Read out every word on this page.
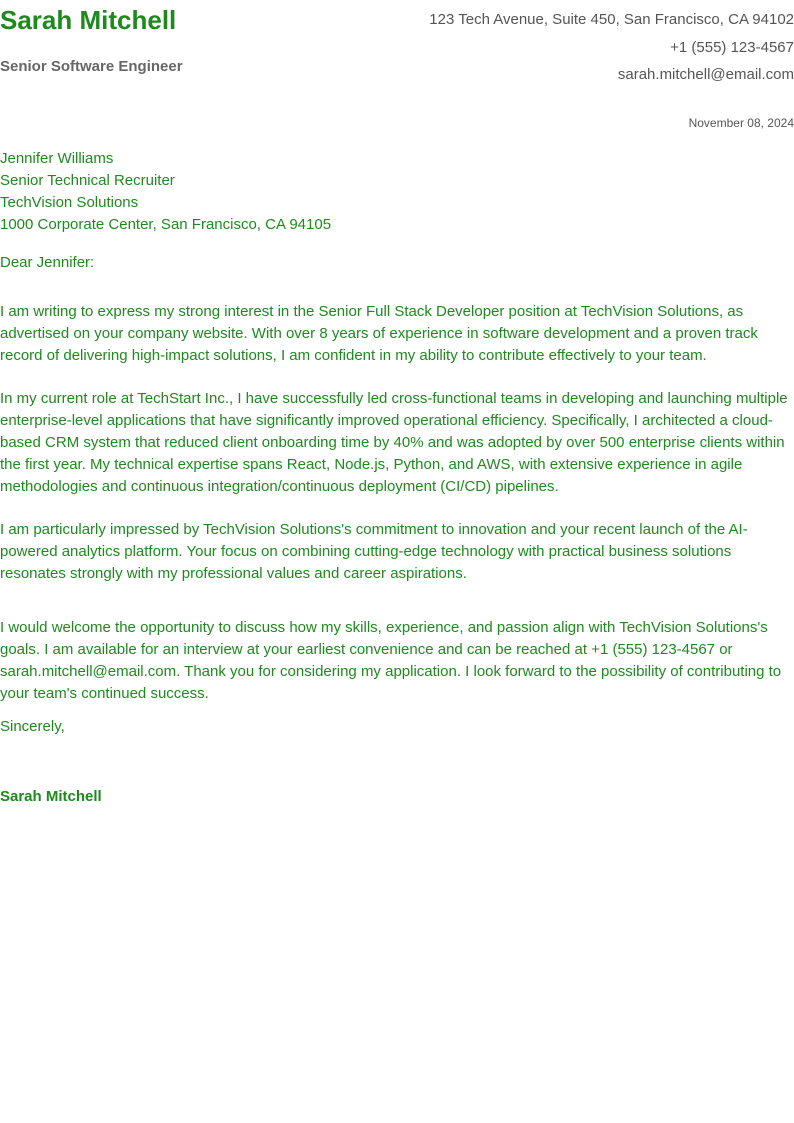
Sarah Mitchell
Senior Software Engineer
123 Tech Avenue, Suite 450, San Francisco, CA 94102
+1 (555) 123-4567
sarah.mitchell@email.com
November 08, 2024
Jennifer Williams
Senior Technical Recruiter
TechVision Solutions
1000 Corporate Center, San Francisco, CA 94105
Dear Jennifer:

I am writing to express my strong interest in the Senior Full Stack Developer position at TechVision Solutions, as advertised on your company website. With over 8 years of experience in software development and a proven track record of delivering high-impact solutions, I am confident in my ability to contribute effectively to your team.

In my current role at TechStart Inc., I have successfully led cross-functional teams in developing and launching multiple enterprise-level applications that have significantly improved operational efficiency. Specifically, I architected a cloud-based CRM system that reduced client onboarding time by 40% and was adopted by over 500 enterprise clients within the first year. My technical expertise spans React, Node.js, Python, and AWS, with extensive experience in agile methodologies and continuous integration/continuous deployment (CI/CD) pipelines.

I am particularly impressed by TechVision Solutions's commitment to innovation and your recent launch of the AI-powered analytics platform. Your focus on combining cutting-edge technology with practical business solutions resonates strongly with my professional values and career aspirations.

I would welcome the opportunity to discuss how my skills, experience, and passion align with TechVision Solutions's goals. I am available for an interview at your earliest convenience and can be reached at +1 (555) 123-4567 or sarah.mitchell@email.com. Thank you for considering my application. I look forward to the possibility of contributing to your team's continued success.

Sincerely,
Sarah Mitchell
